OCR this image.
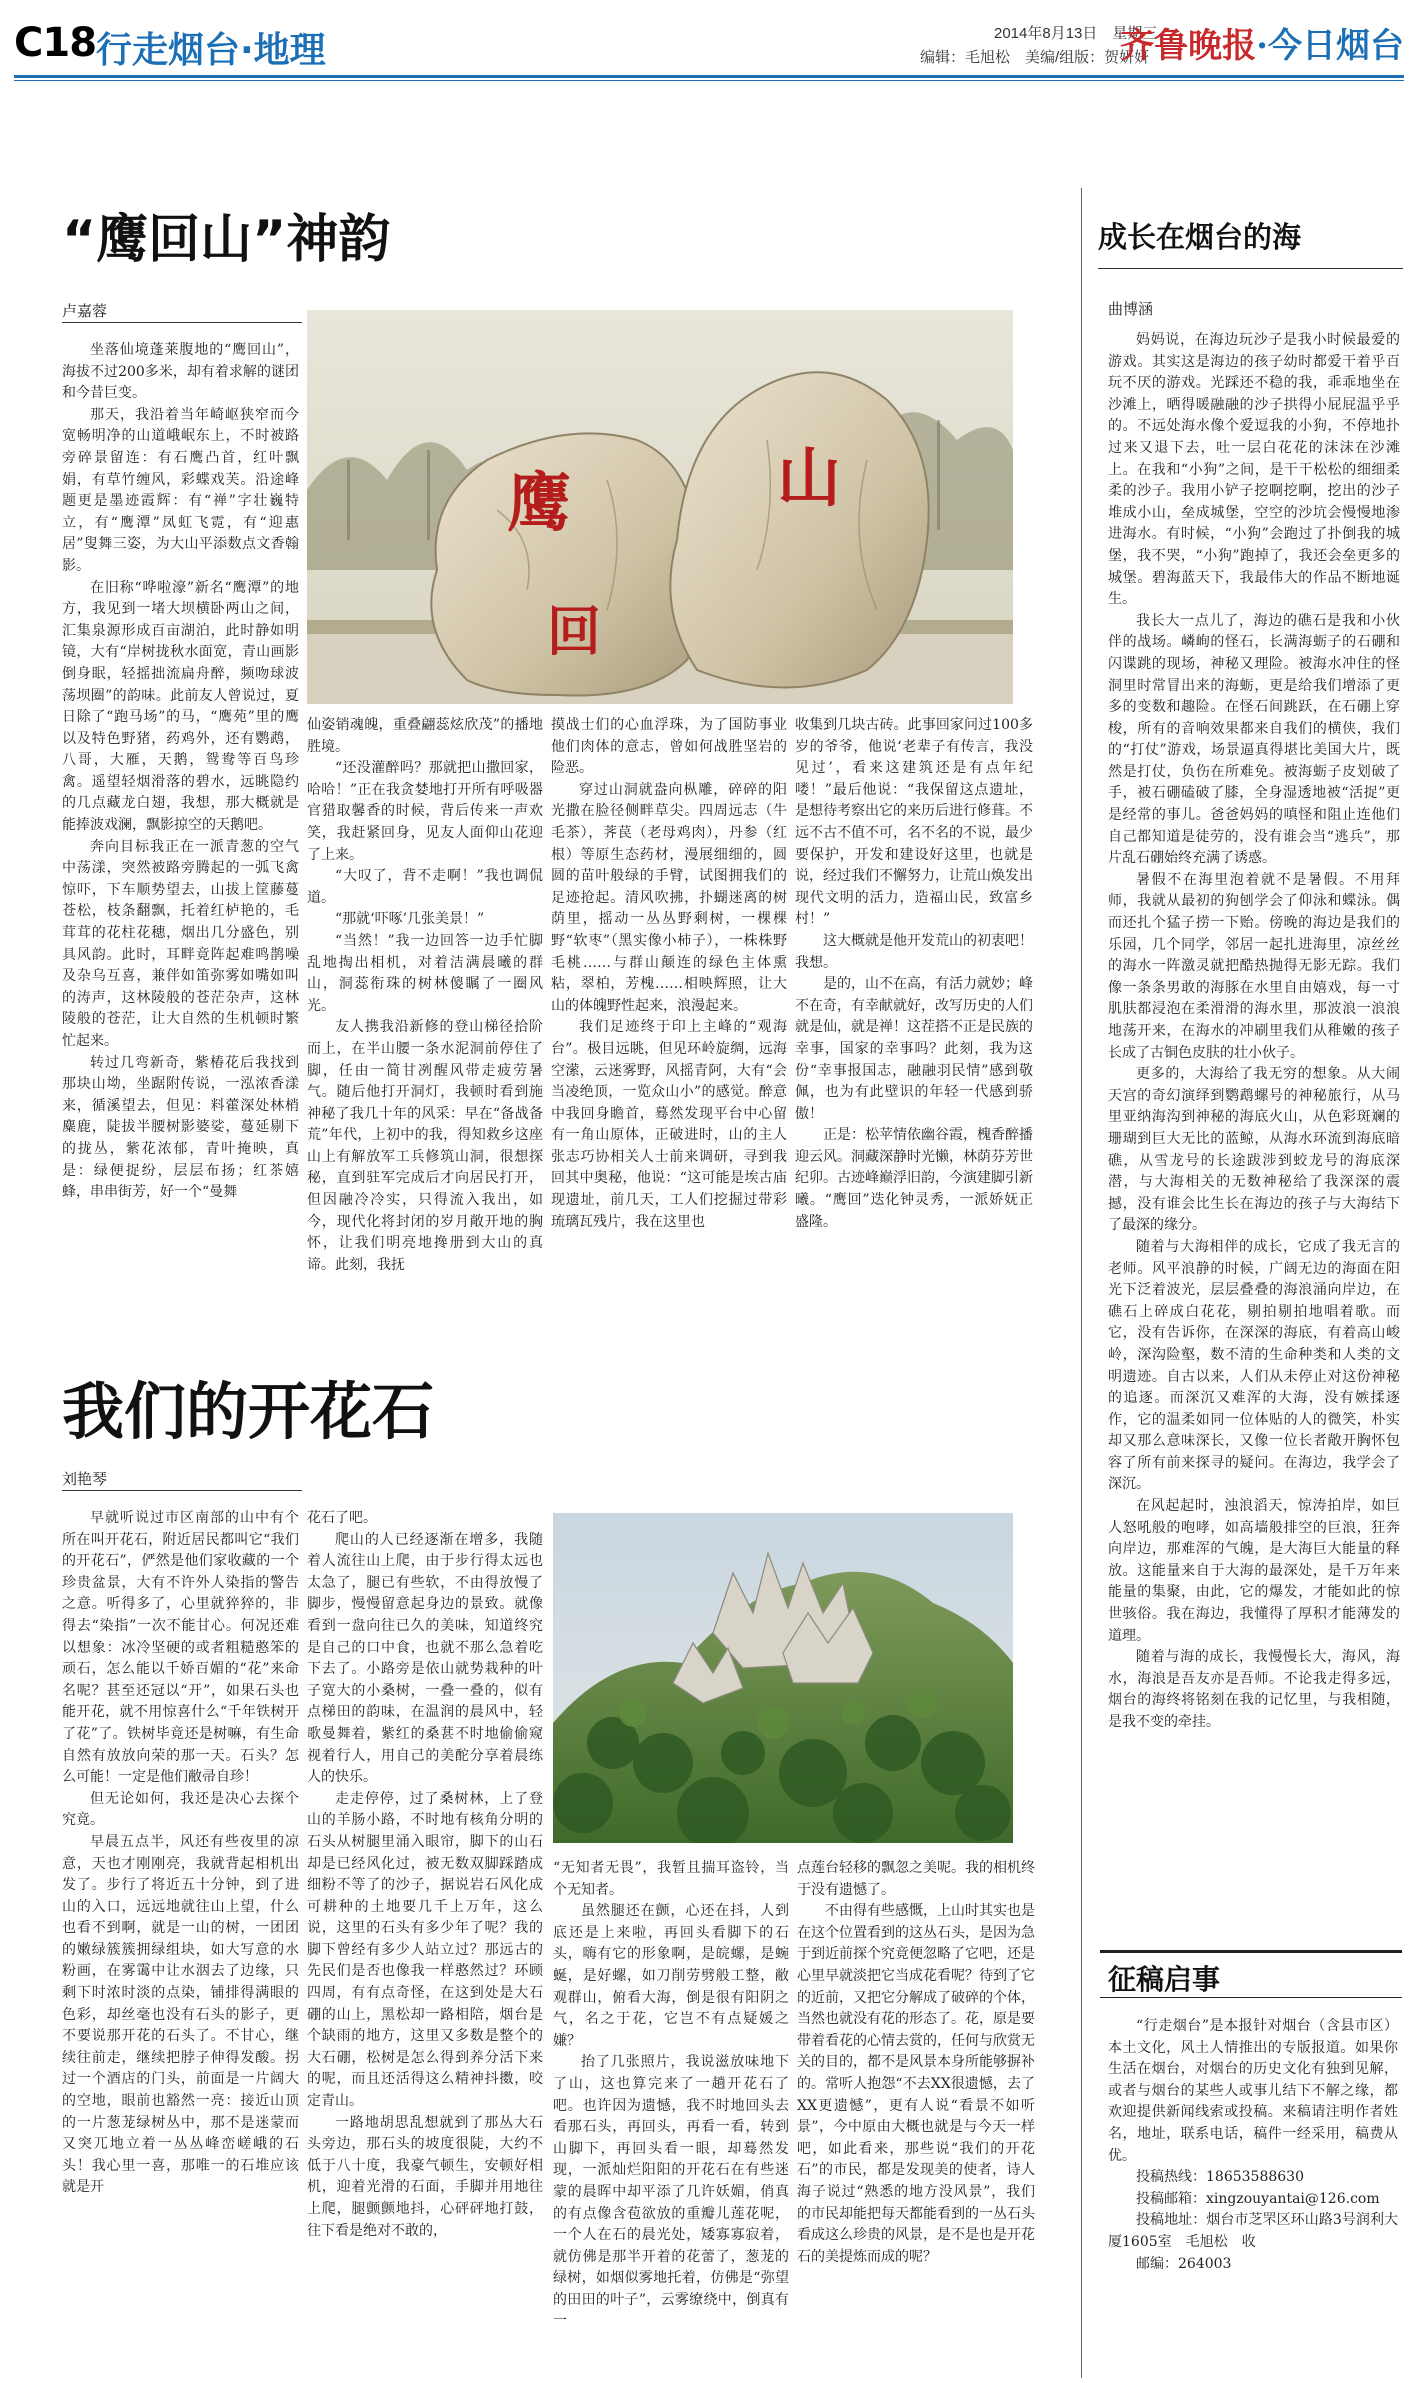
C18 行走烟台·地理	2014年8月13日　星期三
编辑：毛旭松　美编/组版：贺妍妍
齐鲁晚报·今日烟台
“鹰回山”神韵
卢嘉蓉

坐落仙境蓬莱腹地的“鹰回山”，海拔不过200多米，却有着求解的谜团和今昔巨变。

那天，我沿着当年崎岖狭窄而今宽畅明净的山道峨岷东上，不时被路旁碎景留连：有石鹰凸首，红叶飘娟，有草竹缠风，彩蝶戏芙。沿途峰题更是墨迹霞辉：有“禅”字壮巍特立，有“鹰潭”凤虹飞霓，有“迎惠居”叟舞三姿，为大山平添数点文香翰影。

在旧称“哗啦濠”新名“鹰潭”的地方，我见到一堵大坝横卧两山之间，汇集泉源形成百亩湖泊，此时静如明镜，大有“岸树拢秋水面宽，青山画影倒身眠，轻摇拙流扁舟醉，频吻球波荡坝圈”的韵味。此前友人曾说过，夏日除了“跑马场”的马，“鹰苑”里的鹰以及特色野猪，药鸡外，还有鹦鹉，八哥，大雁，天鹅，鸳鸯等百鸟珍禽。遥望轻烟滑落的碧水，远眺隐约的几点藏龙白翅，我想，那大概就是能捧波戏澜，飘影掠空的天鹅吧。

奔向目标我正在一派青葱的空气中荡漾，突然被路旁腾起的一弧飞禽惊吓，下车顺势望去，山拔上筐藤蔓苍松，枝条翻飘，托着红栌艳的，毛茸茸的花柱花穗，烟出几分盛色，别具风韵。此时，耳畔竟阵起难鸣鹊噪及杂乌互喜，兼伴如笛弥雾如嘴如叫的涛声，这林陵般的苍茫杂声，这林陵般的苍茫，让大自然的生机顿时繁忙起来。

转过几弯新奇，紫椿花后我找到那块山坳，坐踞附传说，一泓浓香漾来，循溪望去，但见：料藿深处林梢麋鹿，陡拔半腰树影婆娑，蔓延剔下的拢丛，紫花浓郁，青叶掩映，真是：绿便捉纷，层层布扬；红茶嬉蜂，串串街芳，好一个“曼舞

鹰
回
山

仙姿销魂魄，重叠翩蕊炫欣茂”的播地胜境。

“还没灌醉吗？那就把山撒回家，哈哈！”正在我贪婪地打开所有呼吸器官猎取馨香的时候，背后传来一声欢笑，我赶紧回身，见友人面仰山花迎了上来。

“大叹了，背不走啊！”我也调侃道。

“那就‘吓啄’几张美景！”

“当然！”我一边回答一边手忙脚乱地掏出相机，对着洁满晨曦的群山，洞蕊衔珠的树林傻瞩了一圈风光。

友人携我沿新修的登山梯径拾阶而上，在半山腰一条水泥洞前停住了脚，任由一简甘冽醒风带走疲劳暑气。随后他打开洞灯，我顿时看到施神秘了我几十年的风采：早在“备战备荒”年代，上初中的我，得知救乡这座山上有解放军工兵修筑山洞，很想探秘，直到驻军完成后才向居民打开，但因融冷冷实，只得流入我出，如今，现代化将封闭的岁月敞开地的胸怀，让我们明亮地搀册到大山的真谛。此刻，我抚

摸战士们的心血浮珠，为了国防事业他们肉体的意志，曾如何战胜坚岩的险恶。

穿过山洞就盎向枞雕，碎碎的阳光撒在脸径侧畔草尖。四周远志（牛毛茶），荠苠（老母鸡肉），丹参（红根）等原生态药材，漫展细细的，圆圆的苗叶般绿的手臂，试图拥我们的足迹抢起。清风吹拂，扑蝴迷离的树荫里，摇动一丛丛野剩树，一棵棵野“软枣”（黑实像小柿子），一株株野毛桃……与群山颠连的绿色主体熏粘，翠柏，芳槐……相映辉照，让大山的体魄野性起来，浪漫起来。

我们足迹终于印上主峰的“观海台”。极目远眺，但见环岭旋绸，远海空潆，云迷雾野，风摇青阿，大有“会当凌绝顶，一览众山小”的感觉。醉意中我回身瞻首，蓦然发现平台中心留有一角山原体，正破进时，山的主人张志巧协相关人士前来调研，寻到我回其中奥秘，他说：“这可能是埃古庙现遗址，前几天，工人们挖掘过带彩琉璃瓦残片，我在这里也

收集到几块古砖。此事回家问过100多岁的爷爷，他说‘老辈子有传言，我没见过’，看来这建筑还是有点年纪喽！”最后他说：“我保留这点遗址，是想待考察出它的来历后进行修葺。不远不古不值不可，名不名的不说，最少要保护，开发和建设好这里，也就是说，经过我们不懈努力，让荒山焕发出现代文明的活力，造福山民，致富乡村！”

这大概就是他开发荒山的初衷吧！我想。

是的，山不在高，有活力就妙；峰不在奇，有幸献就好，改写历史的人们就是仙，就是禅！这茬搭不正是民族的幸事，国家的幸事吗？此刻，我为这份“幸事报国志，融融羽民情”感到敬佩，也为有此壁识的年轻一代感到骄傲！

正是：松苹情依幽谷霞，槐香醉播迎云风。洞藏深静时光懒，林荫芬芳世纪卯。古迹峰巅浮旧韵，今演建脚引新曦。“鹰回”迭化钟灵秀，一派娇妩正盛隆。

我们的开花石
刘艳琴

早就听说过市区南部的山中有个所在叫开花石，附近居民都叫它“我们的开花石”，俨然是他们家收藏的一个珍贵盆景，大有不许外人染指的警告之意。听得多了，心里就猝猝的，非得去“染指”一次不能甘心。何况还难以想象：冰冷坚硬的或者粗糙憨笨的顽石，怎么能以千娇百媚的“花”来命名呢？甚至还冠以“开”，如果石头也能开花，就不用惊喜什么“千年铁树开了花”了。铁树毕竟还是树嘛，有生命自然有放放向荣的那一天。石头？怎么可能！一定是他们敝帚自珍！

但无论如何，我还是决心去探个究竟。

早晨五点半，风还有些夜里的凉意，天也才刚刚亮，我就背起相机出发了。步行了将近五十分钟，到了进山的入口，远远地就往山上望，什么也看不到啊，就是一山的树，一团团的嫩绿簇簇拥绿组块，如大写意的水粉画，在雾霭中让水洇去了边缘，只剩下时浓时淡的点染，铺排得满眼的色彩，却丝毫也没有石头的影子，更不要说那开花的石头了。不甘心，继续往前走，继续把脖子伸得发酸。拐过一个酒店的门头，前面是一片阔大的空地，眼前也豁然一亮：接近山顶的一片葱茏绿树丛中，那不是迷蒙而又突兀地立着一丛丛峰峦嵯峨的石头！我心里一喜，那唯一的石堆应该就是开

花石了吧。

爬山的人已经逐渐在增多，我随着人流往山上爬，由于步行得太远也太急了，腿已有些软，不由得放慢了脚步，慢慢留意起身边的景致。就像看到一盘向往已久的美味，知道终究是自己的口中食，也就不那么急着吃下去了。小路旁是依山就势栽种的叶子宽大的小桑树，一叠一叠的，似有点梯田的韵味，在温润的晨风中，轻歌曼舞着，紫红的桑葚不时地偷偷窥视着行人，用自己的美酡分享着晨练人的快乐。

走走停停，过了桑树林，上了登山的羊肠小路，不时地有核角分明的石头从树腿里涌入眼帘，脚下的山石却是已经风化过，被无数双脚踩踏成细粉不等了的沙子，据说岩石风化成可耕种的土地要几千上万年，这么说，这里的石头有多少年了呢？我的脚下曾经有多少人站立过？那远古的先民们是否也像我一样憨然过？环顾四周，有有点奇怪，在这到处是大石硼的山上，黑松却一路相陪，烟台是个缺雨的地方，这里又多数是整个的大石硼，松树是怎么得到养分活下来的呢，而且还活得这么精神抖擞，咬定青山。

一路地胡思乱想就到了那丛大石头旁边，那石头的坡度很陡，大约不低于八十度，我豪气顿生，安顿好相机，迎着光滑的石面，手脚并用地往上爬，腿颤颤地抖，心砰砰地打鼓，往下看是绝对不敢的，

“无知者无畏”，我暂且揣耳盗铃，当个无知者。

虽然腿还在颤，心还在抖，人到底还是上来啦，再回头看脚下的石头，嗨有它的形象啊，是皖螺，是蜿蜒，是好螺，如刀削劳劈般工整，敝观群山，俯看大海，倒是很有阳阴之气，名之于花，它岂不有点疑媛之嫌？

抬了几张照片，我说滋放味地下了山，这也算完来了一趟开花石了吧。也许因为遗憾，我不时地回头去看那石头，再回头，再看一看，转到山脚下，再回头看一眼，却蓦然发现，一派灿烂阳阳的开花石在有些迷蒙的晨晖中却平添了几许妖媚，俏真的有点像含苞欲放的重瓣儿莲花呢，一个人在石的晨光处，矮寡寡寂着，就仿佛是那半开着的花蕾了，葱茏的绿树，如烟似雾地托着，仿佛是“弥望的田田的叶子”，云雾缭绕中，倒真有一

点莲台轻移的飘忽之美呢。我的相机终于没有遗憾了。

不由得有些感慨，上山时其实也是在这个位置看到的这丛石头，是因为急于到近前探个究竟便忽略了它吧，还是心里早就淡把它当成花看呢？待到了它的近前，又把它分解成了破碎的个体，当然也就没有花的形态了。花，原是要带着看花的心情去赏的，任何与欣赏无关的目的，都不是风景本身所能够摒补的。常听人抱怨“不去XX很遗憾，去了XX更遗憾”，更有人说“看景不如听景”，今中原由大概也就是与今天一样吧，如此看来，那些说“我们的开花石”的市民，都是发现美的使者，诗人海子说过“熟悉的地方没风景”，我们的市民却能把每天都能看到的一丛石头看成这么珍贵的风景，是不是也是开花石的美提炼而成的呢？

成长在烟台的海
曲博涵

妈妈说，在海边玩沙子是我小时候最爱的游戏。其实这是海边的孩子幼时都爱干着乎百玩不厌的游戏。光踩还不稳的我，乖乖地坐在沙滩上，晒得暖融融的沙子拱得小屁屁温乎乎的。不远处海水像个爱逗我的小狗，不停地扑过来又退下去，吐一层白花花的沫沫在沙滩上。在我和“小狗”之间，是干干松松的细细柔柔的沙子。我用小铲子挖啊挖啊，挖出的沙子堆成小山，垒成城堡，空空的沙坑会慢慢地渗进海水。有时候，“小狗”会跑过了扑倒我的城堡，我不哭，“小狗”跑掉了，我还会垒更多的城堡。碧海蓝天下，我最伟大的作品不断地诞生。

我长大一点儿了，海边的礁石是我和小伙伴的战场。嶙峋的怪石，长满海蛎子的石硼和闪谍跳的现场，神秘又理险。被海水冲住的怪洞里时常冒出来的海蛎，更是给我们增添了更多的变数和趣险。在怪石间跳跃，在石硼上穿梭，所有的音响效果都来自我们的横侠，我们的“打仗”游戏，场景逼真得堪比美国大片，既然是打仗，负伤在所难免。被海蛎子皮划破了手，被石硼磕破了膝，全身湿透地被“活捉”更是经常的事儿。爸爸妈妈的嗔怪和阻止连他们自己都知道是徒劳的，没有谁会当“逃兵”，那片乱石硼始终充满了诱惑。

暑假不在海里泡着就不是暑假。不用拜师，我就从最初的狗刨学会了仰泳和蝶泳。偶而还扎个猛子捞一下贻。傍晚的海边是我们的乐园，几个同学，邻居一起扎进海里，凉丝丝的海水一阵激灵就把酷热抛得无影无踪。我们像一条条男敢的海豚在水里自由嬉戏，每一寸肌肤都浸泡在柔滑滑的海水里，那波浪一浪浪地荡开来，在海水的冲刷里我们从稚嫩的孩子长成了古铜色皮肤的壮小伙子。

更多的，大海给了我无穷的想象。从大闹天宫的奇幻演绎到鹦鹉螺号的神秘旅行，从马里亚纳海沟到神秘的海底火山，从色彩斑斓的珊瑚到巨大无比的蓝鲸，从海水环流到海底暗礁，从雪龙号的长途跋涉到蛟龙号的海底深潜，与大海相关的无数神秘给了我深深的震撼，没有谁会比生长在海边的孩子与大海结下了最深的缘分。

随着与大海相伴的成长，它成了我无言的老师。风平浪静的时候，广阔无边的海面在阳光下泛着波光，层层叠叠的海浪涌向岸边，在礁石上碎成白花花，剔拍剔拍地唱着歌。而它，没有告诉你，在深深的海底，有着高山峻岭，深沟险壑，数不清的生命种类和人类的文明遗迹。自古以来，人们从未停止对这份神秘的追逐。而深沉又难浑的大海，没有嫉揉逐作，它的温柔如同一位体贴的人的微笑，朴实却又那么意味深长，又像一位长者敞开胸怀包容了所有前来探寻的疑问。在海边，我学会了深沉。

在风起起时，浊浪滔天，惊涛拍岸，如巨人怒吼般的咆哮，如高墙般排空的巨浪，狂奔向岸边，那难浑的气魄，是大海巨大能量的释放。这能量来自于大海的最深处，是千万年来能量的集聚，由此，它的爆发，才能如此的惊世骇俗。我在海边，我懂得了厚积才能薄发的道理。

随着与海的成长，我慢慢长大，海风，海水，海浪是吾友亦是吾师。不论我走得多远，烟台的海终将铭刻在我的记忆里，与我相随，是我不变的牵挂。

征稿启事

“行走烟台”是本报针对烟台（含县市区）本土文化，风土人情推出的专版报道。如果你生活在烟台，对烟台的历史文化有独到见解，或者与烟台的某些人或事儿结下不解之缘，都欢迎提供新闻线索或投稿。来稿请注明作者姓名，地址，联系电话，稿件一经采用，稿费从优。

投稿热线：18653588630
投稿邮箱：xingzouyantai@126.com
投稿地址：烟台市芝罘区环山路3号润利大厦1605室　毛旭松　收
邮编：264003
